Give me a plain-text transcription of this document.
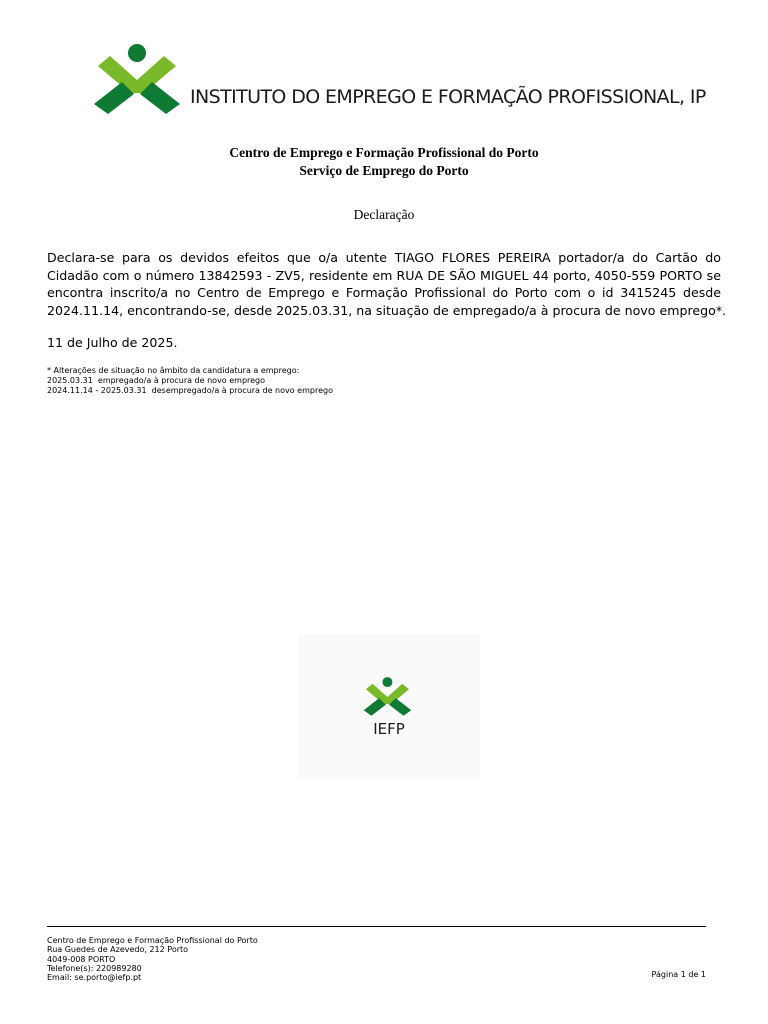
INSTITUTO DO EMPREGO E FORMAÇÃO PROFISSIONAL, IP
Centro de Emprego e Formação Profissional do Porto
Serviço de Emprego do Porto
Declaração
Declara-se para os devidos efeitos que o/a utente TIAGO FLORES PEREIRA portador/a do Cartão do
Cidadão com o número 13842593 - ZV5, residente em RUA DE SÃO MIGUEL 44 porto, 4050-559 PORTO se
encontra inscrito/a no Centro de Emprego e Formação Profissional do Porto com o id 3415245 desde
2024.11.14, encontrando-se, desde 2025.03.31, na situação de empregado/a à procura de novo emprego*.
11 de Julho de 2025.
* Alterações de situação no âmbito da candidatura a emprego:
2025.03.31  empregado/a à procura de novo emprego
2024.11.14 - 2025.03.31  desempregado/a à procura de novo emprego
IEFP
Centro de Emprego e Formação Profissional do Porto
Rua Guedes de Azevedo, 212 Porto
4049-008 PORTO
Telefone(s): 220989280
Email: se.porto@iefp.pt	Página 1 de 1
